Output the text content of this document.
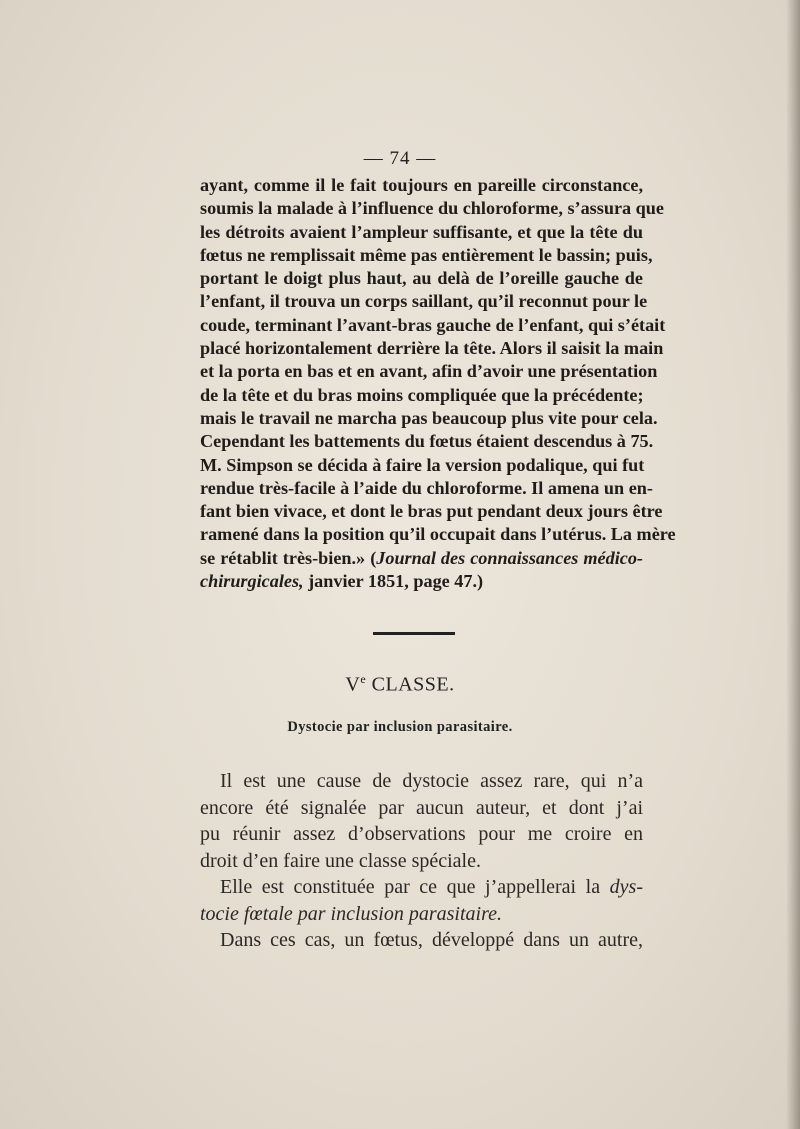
— 74 —
ayant, comme il le fait toujours en pareille circonstance,
soumis la malade à l’influence du chloroforme, s’assura que
les détroits avaient l’ampleur suffisante, et que la tête du
fœtus ne remplissait même pas entièrement le bassin; puis,
portant le doigt plus haut, au delà de l’oreille gauche de
l’enfant, il trouva un corps saillant, qu’il reconnut pour le
coude, terminant l’avant-bras gauche de l’enfant, qui s’était
placé horizontalement derrière la tête. Alors il saisit la main
et la porta en bas et en avant, afin d’avoir une présentation
de la tête et du bras moins compliquée que la précédente;
mais le travail ne marcha pas beaucoup plus vite pour cela.
Cependant les battements du fœtus étaient descendus à 75.
M. Simpson se décida à faire la version podalique, qui fut
rendue très-facile à l’aide du chloroforme. Il amena un en-
fant bien vivace, et dont le bras put pendant deux jours être
ramené dans la position qu’il occupait dans l’utérus. La mère
se rétablit très-bien.» (Journal des connaissances médico-
chirurgicales, janvier 1851, page 47.)
Ve CLASSE.
Dystocie par inclusion parasitaire.
Il est une cause de dystocie assez rare, qui n’a
encore été signalée par aucun auteur, et dont j’ai
pu réunir assez d’observations pour me croire en
droit d’en faire une classe spéciale.
Elle est constituée par ce que j’appellerai la dys-
tocie fœtale par inclusion parasitaire.
Dans ces cas, un fœtus, développé dans un autre,
